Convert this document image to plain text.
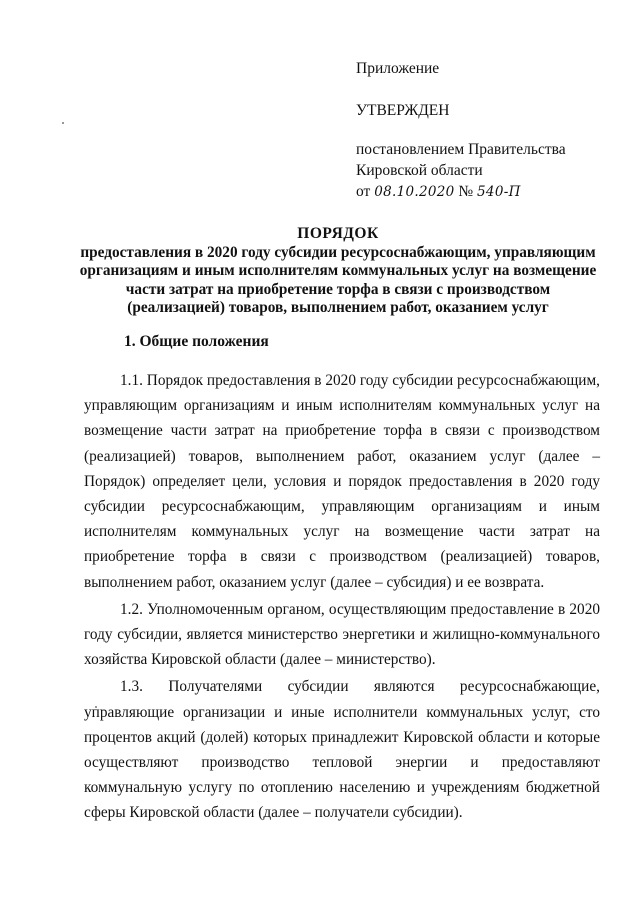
Приложение
УТВЕРЖДЕН
постановлением Правительства
Кировской области
от 08.10.2020 № 540-П
ПОРЯДОК
предоставления в 2020 году субсидии ресурсоснабжающим, управляющим организациям и иным исполнителям коммунальных услуг на возмещение части затрат на приобретение торфа в связи с производством (реализацией) товаров, выполнением работ, оказанием услуг
1. Общие положения

1.1. Порядок предоставления в 2020 году субсидии ресурсоснабжающим, управляющим организациям и иным исполнителям коммунальных услуг на возмещение части затрат на приобретение торфа в связи с производством (реализацией) товаров, выполнением работ, оказанием услуг (далее – Порядок) определяет цели, условия и порядок предоставления в 2020 году субсидии ресурсоснабжающим, управляющим организациям и иным исполнителям коммунальных услуг на возмещение части затрат на приобретение торфа в связи с производством (реализацией) товаров, выполнением работ, оказанием услуг (далее – субсидия) и ее возврата.

1.2. Уполномоченным органом, осуществляющим предоставление в 2020 году субсидии, является министерство энергетики и жилищно-коммунального хозяйства Кировской области (далее – министерство).

1.3. Получателями субсидии являются ресурсоснабжающие, управляющие организации и иные исполнители коммунальных услуг, сто процентов акций (долей) которых принадлежит Кировской области и которые осуществляют производство тепловой энергии и предоставляют коммунальную услугу по отоплению населению и учреждениям бюджетной сферы Кировской области (далее – получатели субсидии).
